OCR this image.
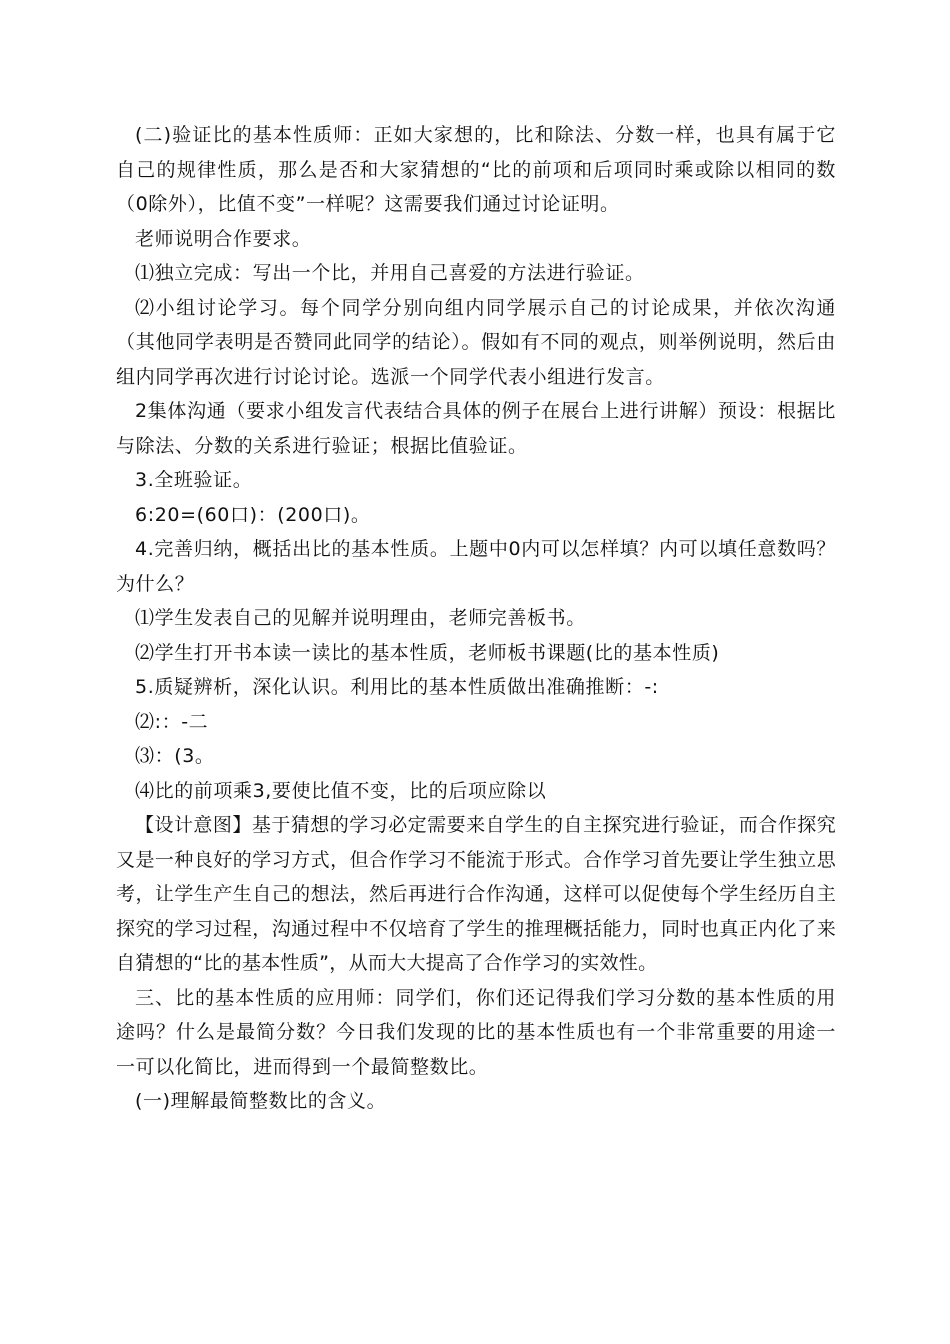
(二)验证比的基本性质师：正如大家想的，比和除法、分数一样，也具有属于它自己的规律性质，那么是否和大家猜想的“比的前项和后项同时乘或除以相同的数（0除外），比值不变”一样呢？这需要我们通过讨论证明。

老师说明合作要求。

⑴独立完成：写出一个比，并用自己喜爱的方法进行验证。

⑵小组讨论学习。每个同学分别向组内同学展示自己的讨论成果，并依次沟通（其他同学表明是否赞同此同学的结论）。假如有不同的观点，则举例说明，然后由组内同学再次进行讨论讨论。选派一个同学代表小组进行发言。

2集体沟通（要求小组发言代表结合具体的例子在展台上进行讲解）预设：根据比与除法、分数的关系进行验证；根据比值验证。

3.全班验证。

6:20=(60口)：(200口)。

4.完善归纳，概括出比的基本性质。上题中0内可以怎样填？内可以填任意数吗？为什么？

⑴学生发表自己的见解并说明理由，老师完善板书。

⑵学生打开书本读一读比的基本性质，老师板书课题(比的基本性质)

5.质疑辨析，深化认识。利用比的基本性质做出准确推断：-:

⑵:：-二

⑶：(3。

⑷比的前项乘3,要使比值不变，比的后项应除以

【设计意图】基于猜想的学习必定需要来自学生的自主探究进行验证，而合作探究又是一种良好的学习方式，但合作学习不能流于形式。合作学习首先要让学生独立思考，让学生产生自己的想法，然后再进行合作沟通，这样可以促使每个学生经历自主探究的学习过程，沟通过程中不仅培育了学生的推理概括能力，同时也真正内化了来自猜想的“比的基本性质”，从而大大提高了合作学习的实效性。

三、比的基本性质的应用师：同学们，你们还记得我们学习分数的基本性质的用途吗？什么是最简分数？今日我们发现的比的基本性质也有一个非常重要的用途一一可以化简比，进而得到一个最简整数比。

(一)理解最简整数比的含义。
